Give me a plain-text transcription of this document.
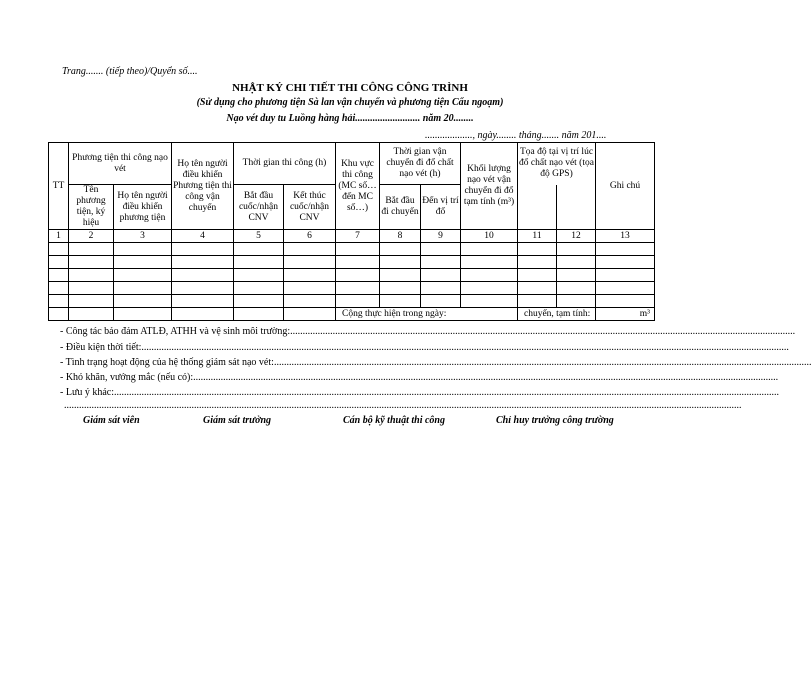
Trang....... (tiếp theo)/Quyển số....
NHẬT KÝ CHI TIẾT THI CÔNG CÔNG TRÌNH
(Sử dụng cho phương tiện Sà lan vận chuyển và phương tiện Cẩu ngoạm)
Nạo vét duy tu Luồng hàng hải.......................... năm 20........
..................., ngày........ tháng....... năm 201....
TT	Phương tiện thi công nạo vét		Họ tên người điều khiển Phương tiện thi công vận chuyển	Thời gian thi công (h)		Khu vực thi công (MC số… đến MC số…)	Thời gian vận chuyển đi đổ chất nạo vét (h)		Khối lượng nạo vét vận chuyển đi đổ tạm tính (m³)	Tọa độ tại vị trí lúc đổ chất nạo vét (tọa độ GPS)		Ghi chú
	Tên phương tiện, ký hiệu	Họ tên người điều khiển phương tiện		Bắt đầu cuốc/nhận CNV	Kết thúc cuốc/nhận CNV		Bắt đầu đi chuyến	Đến vị trí đổ				
1	2	3	4	5	6	7	8	9	10	11	12	13

						Cộng thực hiện trong ngày:				chuyến, tạm tính:		m³
- Công tác bảo đảm ATLĐ, ATHH và vệ sinh môi trường:..........................................................................................................................................................................................................
- Điều kiện thời tiết:...................................................................................................................................................................................................................................................................
- Tình trạng hoạt động của hệ thống giám sát nạo vét:.......................................................................................................................................................................................................................
- Khó khăn, vướng mắc (nếu có):..........................................................................................................................................................................................................................................
- Lưu ý khác:..........................................................................................................................................................................................................................................................................
...............................................................................................................................................................................................................................................................................
Giám sát viên	Giám sát trưởng	Cán bộ kỹ thuật thi công	Chỉ huy trưởng công trường
